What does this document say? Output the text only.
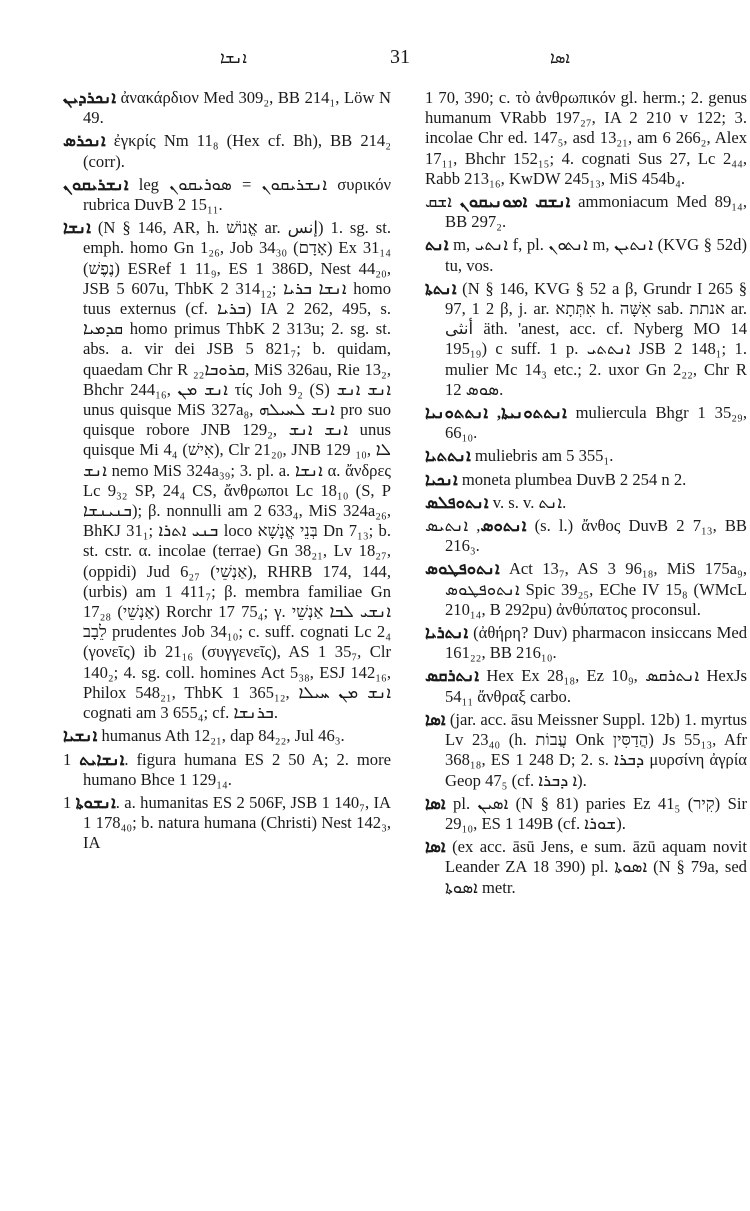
ܐܢܫܐ	31	ܐܣܐ

ܐܢܟܪܕܝܢ ἀνακάρδιον Med 309₂, BB 214₁, Löw N 49.

ܐܢܟܪܣ ἐγκρίς Nm 11₈ (Hex cf. Bh), BB 214₂ (corr).

ܐܢܫܪܝܩܘܢ leg ܐܢܫܪܝܩܘܢ = ܣܘܪܝܩܘܢ συρικόν rubrica DuvB 2 15₁₁.

ܐܢܫܐ (N § 146, AR, h. אֱנוֹשׁ ar. إنس) 1. sg. st. emph. homo Gn 1₂₆, Job 34₃₀ (אָדָם) Ex 31₁₄ (נֶפֶשׁ) ESRef 1 11₉, ES 1 386D, Nest 44₂₀, JSB 5 607u, ThbK 2 314₁₂; ܐܢܫܐ ܒܪܝܐ homo tuus externus (cf. ܒܪܝܐ) IA 2 262, 495, s. ܩܕܡܝܐ homo primus ThbK 2 313u; 2. sg. st. abs. a. vir dei JSB 5 821₇; b. quidam, quaedam Chr R ܩܪܘܒܐ₂₂, MiS 326au, Rie 13₂, Bhchr 244₁₆, ܐܢܫ ܡܢ τίς Joh 9₂ (S) ܐܢܫ ܐܢܫ unus quisque MiS 327a₈, ܐܢܫ ܠܚܝܠܗ pro suo quisque robore JNB 129₂, ܐܢܫ ܐܢܫ unus quisque Mi 4₄ (אִישׁ), Clr 21₂₀, JNB 129 ₁₀, ܠܐ ܐܢܫ nemo MiS 324a₃₉; 3. pl. a. ܐܢܫܐ α. ἄνδρες Lc 9₃₂ SP, 24₄ CS, ἄνθρωποι Lc 18₁₀ (S, P ܒܢܝܢܫܐ); β. nonnulli am 2 633₄, MiS 324a₂₆, BhKJ 31₁; ܒܢܝ ܐܬܪܐ loco בְּנֵי אֱנָשָׁא Dn 7₁₃; b. st. cstr. α. incolae (terrae) Gn 38₂₁, Lv 18₂₇, (oppidi) Jud 6₂₇ (אַנְשֵׁי), RHRB 174, 144, (urbis) am 1 411₇; β. membra familiae Gn 17₂₈ (אַנְשֵׁי) Rorchr 17 75₄; γ. ܐܢܫܝ ܠܒܐ אַנְשֵׁי לֵבָב prudentes Job 34₁₀; c. suff. cognati Lc 2₄ (γονεῖς) ib 21₁₆ (συγγενεῖς), AS 1 35₇, Clr 140₂; 4. sg. coll. homines Act 5₃₈, ESJ 142₁₆, Philox 548₂₁, ThbK 1 365₁₂, ܐܢܫ ܡܢ ܚܝܠܐ cognati am 3 655₄; cf. ܒܪܢܫܐ.

ܐܢܫܝܐ humanus Ath 12₂₁, dap 84₂₂, Jul 46₃.

ܐܢܫܐܝܬ 1. figura humana ES 2 50 A; 2. more humano Bhce 1 129₁₄.

ܐܢܫܘܬܐ 1. a. humanitas ES 2 506F, JSB 1 140₇, IA 1 178₄₀; b. natura humana (Christi) Nest 142₃, IA

1 70, 390; c. τὸ ἀνθρωπικόν gl. herm.; 2. genus humanum VRabb 197₂₇, IA 2 210 v 122; 3. incolae Chr ed. 147₅, asd 13₂₁, am 6 266₂, Alex 17₁₁, Bhchr 152₁₅; 4. cognati Sus 27, Lc 2₄₄, Rabb 213₁₆, KwDW 245₁₃, MiS 454b₄.

ܐܢܫܩ ܐܡܘܢܝܩܘܢ ܐܫܩ ammoniacum Med 89₁₄, BB 297₂.

ܐܢܬ m, ܐܢܬܝ f, pl. ܐܢܬܘܢ m, ܐܢܬܝܢ (KVG § 52d) tu, vos.

ܐܢܬܬܐ (N § 146, KVG § 52 a β, Grundr I 265 § 97, 1 2 β, j. ar. אִתְּתָא h. אִשָּׁה sab. אנתת ar. أنثى äth. 'anest, acc. cf. Nyberg MO 14 195₁₉) c suff. 1 p. ܐܢܬܬܝ JSB 2 148₁; 1. mulier Mc 14₃ etc.; 2. uxor Gn 2₂₂, Chr R ܣܘܣ 12.

ܐܢܬܬܘܢܝܬܐ, ܐܢܬܬܘܢܝܐ muliercula Bhgr 1 35₂₉, 66₁₀.

ܐܢܬܬܝܐ muliebris am 5 355₁.

ܐܢܟܝܐ moneta plumbea DuvB 2 254 n 2.

ܐܢܬܘܦܠܣ v. s. v. ܐܢܬ.

ܐܢܬܘܣ, ܐܢܬܝܣ (s. l.) ἄνθος DuvB 2 7₁₃, BB 216₃.

ܐܢܬܘܦܛܘܣ Act 13₇, AS 3 96₁₈, MiS 175a₉, ܐܢܬܘܦܛܘܣ Spic 39₂₅, EChe IV 15₈ (WMcL 210₁₄, B 292pu) ἀνθύπατος proconsul.

ܐܢܬܪܝܐ (ἀθήρη? Duv) pharmacon insiccans Med 161₂₂, BB 216₁₀.

ܐܢܬܪܩܣ Hex Ex 28₁₈, Ez 10₉, ܐܢܬܪܩܣ HexJs 54₁₁ ἄνθραξ carbo.

ܐܣܐ (jar. acc. āsu Meissner Suppl. 12b) 1. myrtus Lv 23₄₀ (h. עֲבוֹת Onk הֲדַסִּין) Js 55₁₃, Afr 368₁₈, ES 1 248 D; 2. s. ܕܒܪܐ μυρσίνη ἀγρία Geop 47₅ (cf. ܐ ܕܒܪܐ).

ܐܣܐ pl. ܐܣܝܢ (N § 81) paries Ez 41₅ (קִיר) Sir 29₁₀, ES 1 149B (cf. ܫܘܪܐ).

ܐܣܐ (ex acc. āsū Jens, e sum. āzū aquam novit Leander ZA 18 390) pl. ܐܣܘܬܐ (N § 79a, sed ܐܣܘܬܐ metr.
